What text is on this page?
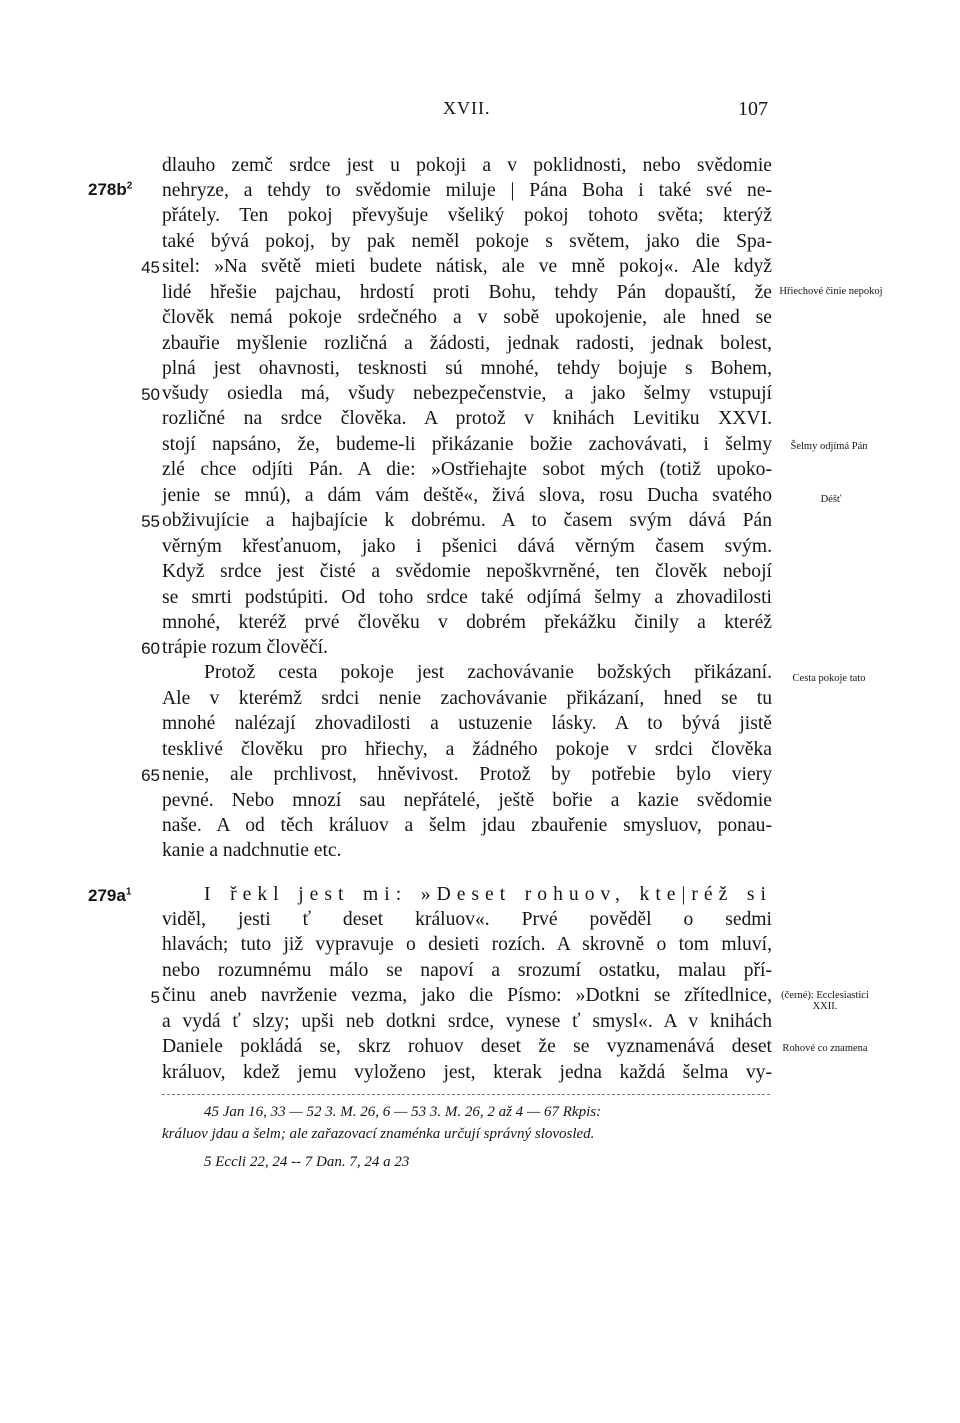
XVII.	107
$278b^2$
$279a^1$
dlauho zemč srdce jest u pokoji a v poklidnosti, nebo svědomie
nehryze, a tehdy to svědomie miluje | Pána Boha i také své ne-
přátely. Ten pokoj převyšuje všeliký pokoj tohoto světa; kterýž
také bývá pokoj, by pak neměl pokoje s světem, jako die Spa-
sitel: »Na světě mieti budete nátisk, ale ve mně pokoj«. Ale když
lidé hřešie pajchau, hrdostí proti Bohu, tehdy Pán dopauští, že
člověk nemá pokoje srdečného a v sobě upokojenie, ale hned se
zbauřie myšlenie rozličná a žádosti, jednak radosti, jednak bolest,
plná jest ohavnosti, tesknosti sú mnohé, tehdy bojuje s Bohem,
všudy osiedla má, všudy nebezpečenstvie, a jako šelmy vstupují
rozličné na srdce člověka. A protož v knihách Levitiku XXVI.
stojí napsáno, že, budeme-li přikázanie božie zachovávati, i šelmy
zlé chce odjíti Pán. A die: »Ostřiehajte sobot mých (totiž upoko-
jenie se mnú), a dám vám deště«, živá slova, rosu Ducha svatého
obživujície a hajbajície k dobrému. A to časem svým dává Pán
věrným křesťanuom, jako i pšenici dává věrným časem svým.
Když srdce jest čisté a svědomie nepoškvrněné, ten člověk nebojí
se smrti podstúpiti. Od toho srdce také odjímá šelmy a zhovadilosti
mnohé, kteréž prvé člověku v dobrém překážku činily a kteréž
trápie rozum člověčí.
Protož cesta pokoje jest zachovávanie božských přikázaní.
Ale v kterémž srdci nenie zachovávanie přikázaní, hned se tu
mnohé nalézají zhovadilosti a ustuzenie lásky. A to bývá jistě
tesklivé člověku pro hřiechy, a žádného pokoje v srdci člověka
nenie, ale prchlivost, hněvivost. Protož by potřebie bylo viery
pevné. Nebo mnozí sau nepřátelé, ještě bořie a kazie svědomie
naše. A od těch králuov a šelm jdau zbauřenie smysluov, ponau-
kanie a nadchnutie etc.
45
50
55
60
65
I řekl jest mi: »Deset rohuov, kte|réž si
viděl, jesti ť deset králuov«. Prvé pověděl o sedmi
hlavách; tuto již vypravuje o desieti rozích. A skrovně o tom mluví,
nebo rozumnému málo se napoví a srozumí ostatku, malau pří-
činu aneb navrženie vezma, jako die Písmo: »Dotkni se zřítedlnice,
a vydá ť slzy; upši neb dotkni srdce, vynese ť smysl«. A v knihách
Daniele pokládá se, skrz rohuov deset že se vyznamenává deset
králuov, kdež jemu vyloženo jest, kterak jedna každá šelma vy-
5
Hřiechové činie nepokoj
Šelmy odjímá Pán
Déšť
Cesta pokoje tato
(černé): Ecclesiastici XXII.
Rohové co znamena
45 Jan 16, 33 — 52 3. M. 26, 6 — 53 3. M. 26, 2 až 4 — 67 Rkpis:
králuov jdau a šelm; ale zařazovací znaménka určují správný slovosled.
5 Eccli 22, 24 -- 7 Dan. 7, 24 a 23
